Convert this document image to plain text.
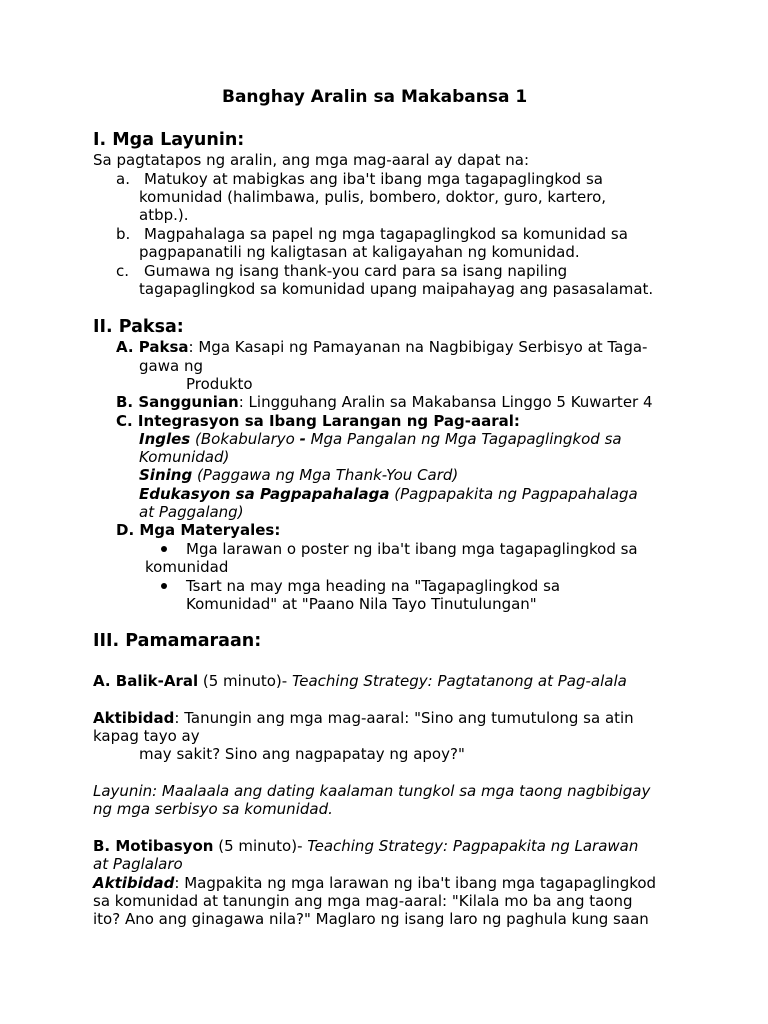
Banghay Aralin sa Makabansa 1
I. Mga Layunin:
Sa pagtatapos ng aralin, ang mga mag-aaral ay dapat na:
a. Matukoy at mabigkas ang iba't ibang mga tagapaglingkod sa
komunidad (halimbawa, pulis, bombero, doktor, guro, kartero,
atbp.).
b. Magpahalaga sa papel ng mga tagapaglingkod sa komunidad sa
pagpapanatili ng kaligtasan at kaligayahan ng komunidad.
c. Gumawa ng isang thank-you card para sa isang napiling
tagapaglingkod sa komunidad upang maipahayag ang pasasalamat.
II. Paksa:
A. Paksa: Mga Kasapi ng Pamayanan na Nagbibigay Serbisyo at Taga-
gawa ng
Produkto
B. Sanggunian: Lingguhang Aralin sa Makabansa Linggo 5 Kuwarter 4
C. Integrasyon sa Ibang Larangan ng Pag-aaral:
Ingles (Bokabularyo - Mga Pangalan ng Mga Tagapaglingkod sa
Komunidad)
Sining (Paggawa ng Mga Thank-You Card)
Edukasyon sa Pagpapahalaga (Pagpapakita ng Pagpapahalaga
at Paggalang)
D. Mga Materyales:
Mga larawan o poster ng iba't ibang mga tagapaglingkod sa
komunidad
Tsart na may mga heading na "Tagapaglingkod sa
Komunidad" at "Paano Nila Tayo Tinutulungan"
III. Pamamaraan:
A. Balik-Aral (5 minuto)- Teaching Strategy: Pagtatanong at Pag-alala
Aktibidad: Tanungin ang mga mag-aaral: "Sino ang tumutulong sa atin
kapag tayo ay
may sakit? Sino ang nagpapatay ng apoy?"
Layunin: Maalaala ang dating kaalaman tungkol sa mga taong nagbibigay
ng mga serbisyo sa komunidad.
B. Motibasyon (5 minuto)- Teaching Strategy: Pagpapakita ng Larawan
at Paglalaro
Aktibidad: Magpakita ng mga larawan ng iba't ibang mga tagapaglingkod
sa komunidad at tanungin ang mga mag-aaral: "Kilala mo ba ang taong
ito? Ano ang ginagawa nila?" Maglaro ng isang laro ng paghula kung saan
